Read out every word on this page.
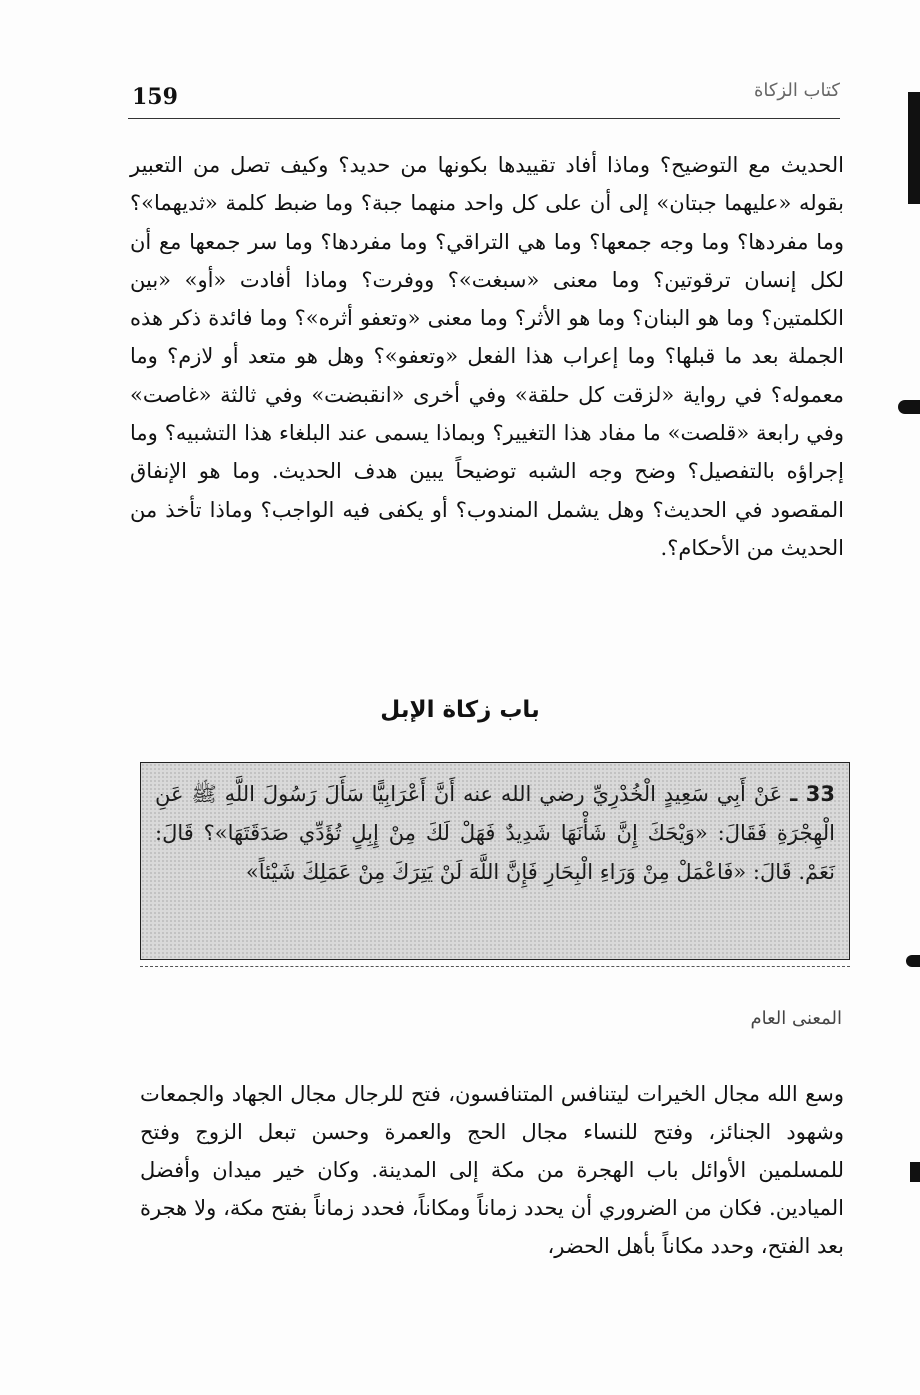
159	كتاب الزكاة

الحديث مع التوضيح؟ وماذا أفاد تقييدها بكونها من حديد؟ وكيف تصل من التعبير بقوله «عليهما جبتان» إلى أن على كل واحد منهما جبة؟ وما ضبط كلمة «ثديهما»؟ وما مفردها؟ وما وجه جمعها؟ وما هي التراقي؟ وما مفردها؟ وما سر جمعها مع أن لكل إنسان ترقوتين؟ وما معنى «سبغت»؟ ووفرت؟ وماذا أفادت «أو» «بين الكلمتين؟ وما هو البنان؟ وما هو الأثر؟ وما معنى «وتعفو أثره»؟ وما فائدة ذكر هذه الجملة بعد ما قبلها؟ وما إعراب هذا الفعل «وتعفو»؟ وهل هو متعد أو لازم؟ وما معموله؟ في رواية «لزقت كل حلقة» وفي أخرى «انقبضت» وفي ثالثة «غاصت» وفي رابعة «قلصت» ما مفاد هذا التغيير؟ وبماذا يسمى عند البلغاء هذا التشبيه؟ وما إجراؤه بالتفصيل؟ وضح وجه الشبه توضيحاً يبين هدف الحديث. وما هو الإنفاق المقصود في الحديث؟ وهل يشمل المندوب؟ أو يكفى فيه الواجب؟ وماذا تأخذ من الحديث من الأحكام؟.

باب زكاة الإبل

33 ـ عَنْ أَبِي سَعِيدٍ الْخُدْرِيِّ رضي الله عنه أَنَّ أَعْرَابِيًّا سَأَلَ رَسُولَ اللَّهِ ﷺ عَنِ الْهِجْرَةِ فَقَالَ: «وَيْحَكَ إِنَّ شَأْنَهَا شَدِيدٌ فَهَلْ لَكَ مِنْ إِبِلٍ تُؤَدِّي صَدَقَتَهَا»؟ قَالَ: نَعَمْ. قَالَ: «فَاعْمَلْ مِنْ وَرَاءِ الْبِحَارِ فَإِنَّ اللَّهَ لَنْ يَتِرَكَ مِنْ عَمَلِكَ شَيْئاً»

المعنى العام

وسع الله مجال الخيرات ليتنافس المتنافسون، فتح للرجال مجال الجهاد والجمعات وشهود الجنائز، وفتح للنساء مجال الحج والعمرة وحسن تبعل الزوج وفتح للمسلمين الأوائل باب الهجرة من مكة إلى المدينة. وكان خير ميدان وأفضل الميادين. فكان من الضروري أن يحدد زماناً ومكاناً، فحدد زماناً بفتح مكة، ولا هجرة بعد الفتح، وحدد مكاناً بأهل الحضر،
